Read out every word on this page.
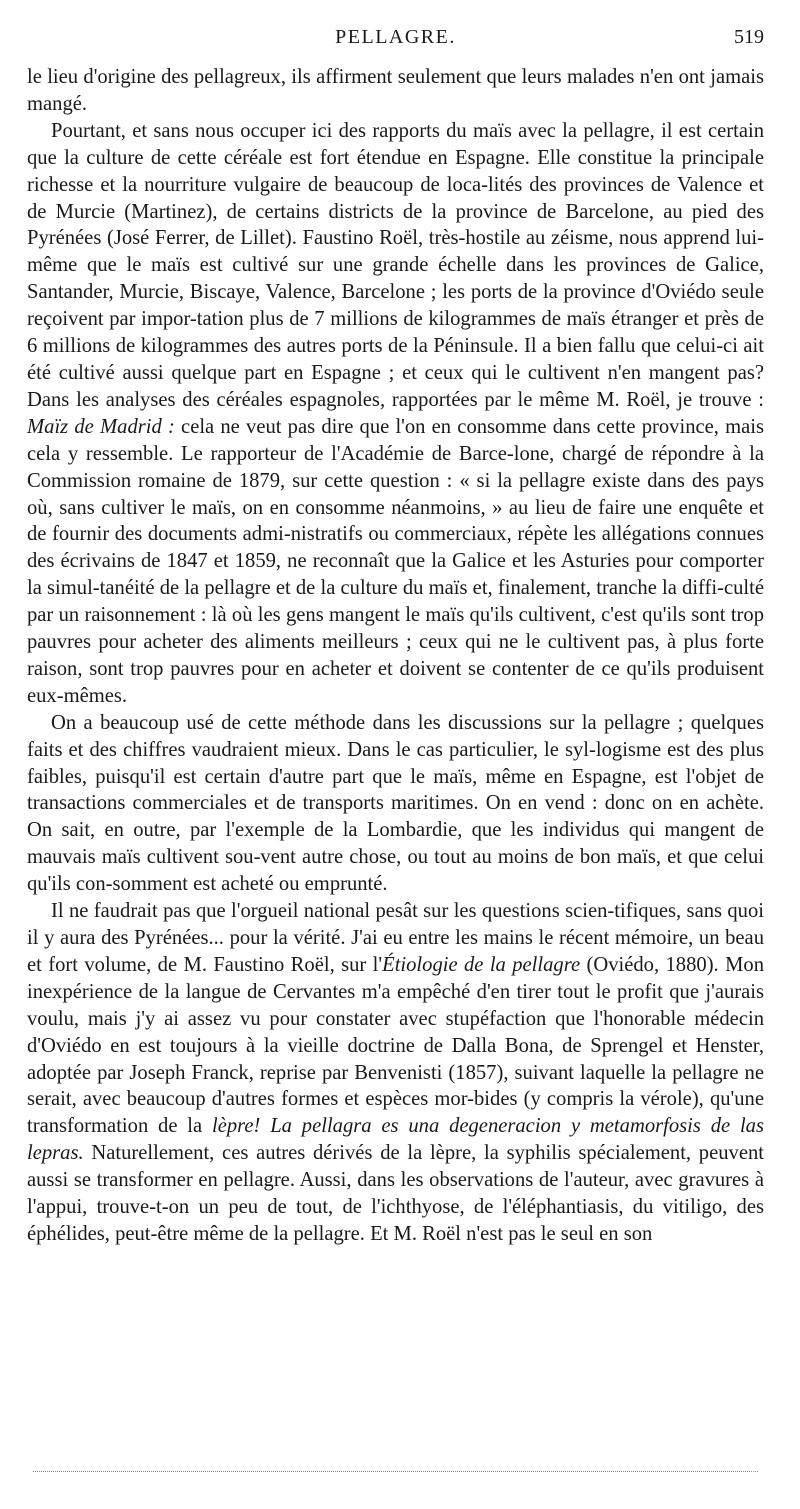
PELLAGRE.	519

le lieu d'origine des pellagreux, ils affirment seulement que leurs malades n'en ont jamais mangé.

Pourtant, et sans nous occuper ici des rapports du maïs avec la pellagre, il est certain que la culture de cette céréale est fort étendue en Espagne. Elle constitue la principale richesse et la nourriture vulgaire de beaucoup de loca-lités des provinces de Valence et de Murcie (Martinez), de certains districts de la province de Barcelone, au pied des Pyrénées (José Ferrer, de Lillet). Faustino Roël, très-hostile au zéisme, nous apprend lui-même que le maïs est cultivé sur une grande échelle dans les provinces de Galice, Santander, Murcie, Biscaye, Valence, Barcelone ; les ports de la province d'Oviédo seule reçoivent par impor-tation plus de 7 millions de kilogrammes de maïs étranger et près de 6 millions de kilogrammes des autres ports de la Péninsule. Il a bien fallu que celui-ci ait été cultivé aussi quelque part en Espagne ; et ceux qui le cultivent n'en mangent pas? Dans les analyses des céréales espagnoles, rapportées par le même M. Roël, je trouve : Maïz de Madrid : cela ne veut pas dire que l'on en consomme dans cette province, mais cela y ressemble. Le rapporteur de l'Académie de Barce-lone, chargé de répondre à la Commission romaine de 1879, sur cette question : « si la pellagre existe dans des pays où, sans cultiver le maïs, on en consomme néanmoins, » au lieu de faire une enquête et de fournir des documents admi-nistratifs ou commerciaux, répète les allégations connues des écrivains de 1847 et 1859, ne reconnaît que la Galice et les Asturies pour comporter la simul-tanéité de la pellagre et de la culture du maïs et, finalement, tranche la diffi-culté par un raisonnement : là où les gens mangent le maïs qu'ils cultivent, c'est qu'ils sont trop pauvres pour acheter des aliments meilleurs ; ceux qui ne le cultivent pas, à plus forte raison, sont trop pauvres pour en acheter et doivent se contenter de ce qu'ils produisent eux-mêmes.

On a beaucoup usé de cette méthode dans les discussions sur la pellagre ; quelques faits et des chiffres vaudraient mieux. Dans le cas particulier, le syl-logisme est des plus faibles, puisqu'il est certain d'autre part que le maïs, même en Espagne, est l'objet de transactions commerciales et de transports maritimes. On en vend : donc on en achète. On sait, en outre, par l'exemple de la Lombardie, que les individus qui mangent de mauvais maïs cultivent sou-vent autre chose, ou tout au moins de bon maïs, et que celui qu'ils con-somment est acheté ou emprunté.

Il ne faudrait pas que l'orgueil national pesât sur les questions scien-tifiques, sans quoi il y aura des Pyrénées... pour la vérité. J'ai eu entre les mains le récent mémoire, un beau et fort volume, de M. Faustino Roël, sur l'Étiologie de la pellagre (Oviédo, 1880). Mon inexpérience de la langue de Cervantes m'a empêché d'en tirer tout le profit que j'aurais voulu, mais j'y ai assez vu pour constater avec stupéfaction que l'honorable médecin d'Oviédo en est toujours à la vieille doctrine de Dalla Bona, de Sprengel et Henster, adoptée par Joseph Franck, reprise par Benvenisti (1857), suivant laquelle la pellagre ne serait, avec beaucoup d'autres formes et espèces mor-bides (y compris la vérole), qu'une transformation de la lèpre! La pellagra es una degeneracion y metamorfosis de las lepras. Naturellement, ces autres dérivés de la lèpre, la syphilis spécialement, peuvent aussi se transformer en pellagre. Aussi, dans les observations de l'auteur, avec gravures à l'appui, trouve-t-on un peu de tout, de l'ichthyose, de l'éléphantiasis, du vitiligo, des éphélides, peut-être même de la pellagre. Et M. Roël n'est pas le seul en son
